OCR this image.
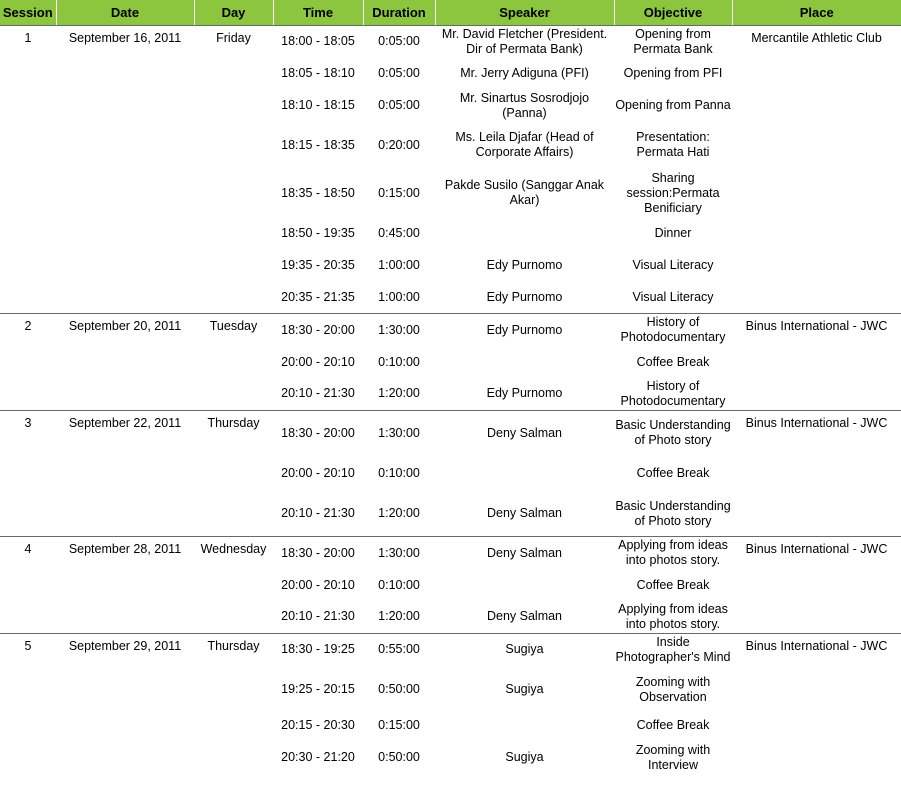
Session	Date	Day	Time	Duration	Speaker	Objective	Place
1	September 16, 2011	Friday	18:00 - 18:05	0:05:00	Mr. David Fletcher (President. Dir of Permata Bank)	Opening from Permata Bank	Mercantile Athletic Club
			18:05 - 18:10	0:05:00	Mr. Jerry Adiguna (PFI)	Opening from PFI	
			18:10 - 18:15	0:05:00	Mr. Sinartus Sosrodjojo (Panna)	Opening from Panna	
			18:15 - 18:35	0:20:00	Ms. Leila Djafar (Head of Corporate Affairs)	Presentation: Permata Hati	
			18:35 - 18:50	0:15:00	Pakde Susilo (Sanggar Anak Akar)	Sharing session:Permata Benificiary	
			18:50 - 19:35	0:45:00		Dinner	
			19:35 - 20:35	1:00:00	Edy Purnomo	Visual Literacy	
			20:35 - 21:35	1:00:00	Edy Purnomo	Visual Literacy	
2	September 20, 2011	Tuesday	18:30 - 20:00	1:30:00	Edy Purnomo	History of Photodocumentary	Binus International - JWC
			20:00 - 20:10	0:10:00		Coffee Break	
			20:10 - 21:30	1:20:00	Edy Purnomo	History of Photodocumentary	
3	September 22, 2011	Thursday	18:30 - 20:00	1:30:00	Deny Salman	Basic Understanding of Photo story	Binus International - JWC
			20:00 - 20:10	0:10:00		Coffee Break	
			20:10 - 21:30	1:20:00	Deny Salman	Basic Understanding of Photo story	
4	September 28, 2011	Wednesday	18:30 - 20:00	1:30:00	Deny Salman	Applying from ideas into photos story.	Binus International - JWC
			20:00 - 20:10	0:10:00		Coffee Break	
			20:10 - 21:30	1:20:00	Deny Salman	Applying from ideas into photos story.	
5	September 29, 2011	Thursday	18:30 - 19:25	0:55:00	Sugiya	Inside Photographer's Mind	Binus International - JWC
			19:25 - 20:15	0:50:00	Sugiya	Zooming with Observation	
			20:15 - 20:30	0:15:00		Coffee Break	
			20:30 - 21:20	0:50:00	Sugiya	Zooming with Interview	
